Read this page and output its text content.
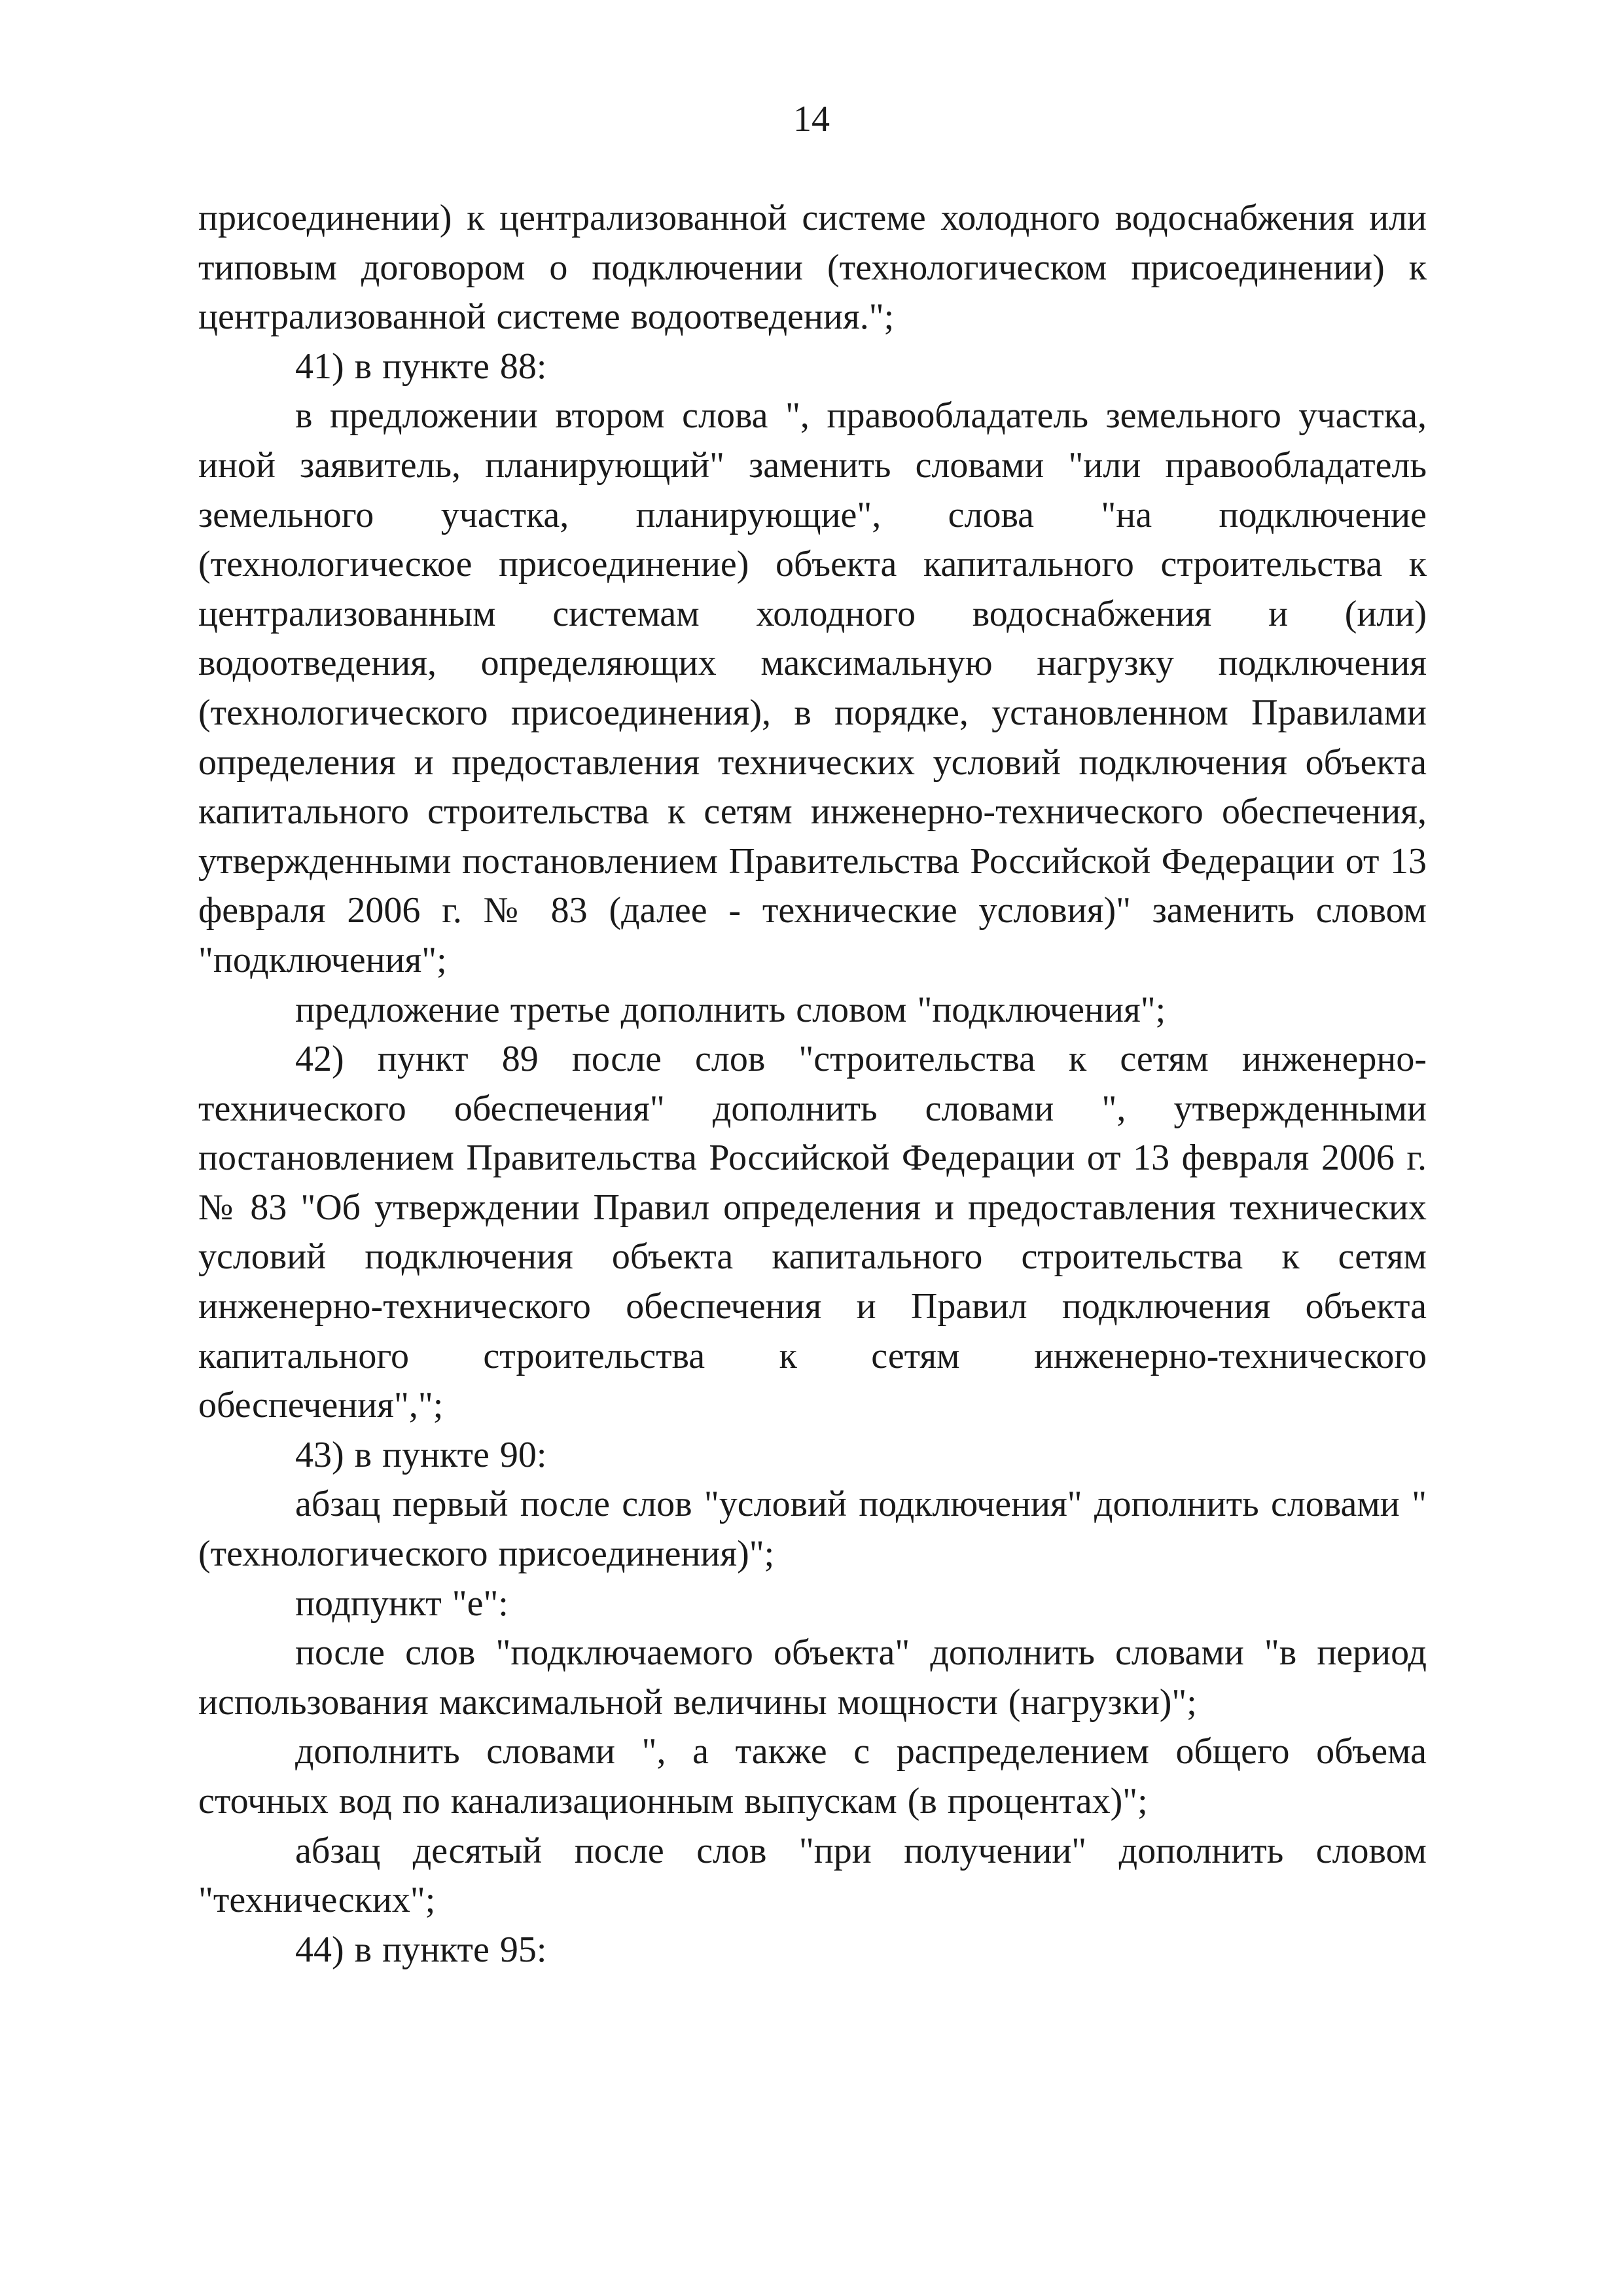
14

присоединении) к централизованной системе холодного водоснабжения или типовым договором о подключении (технологическом присоединении) к централизованной системе водоотведения.";

41) в пункте 88:

в предложении втором слова ", правообладатель земельного участка, иной заявитель, планирующий" заменить словами "или правообладатель земельного участка, планирующие", слова "на подключение (технологическое присоединение) объекта капитального строительства к централизованным системам холодного водоснабжения и (или) водоотведения, определяющих максимальную нагрузку подключения (технологического присоединения), в порядке, установленном Правилами определения и предоставления технических условий подключения объекта капитального строительства к сетям инженерно-технического обеспечения, утвержденными постановлением Правительства Российской Федерации от 13 февраля 2006 г. № 83 (далее - технические условия)" заменить словом "подключения";

предложение третье дополнить словом "подключения";

42) пункт 89 после слов "строительства к сетям инженерно-технического обеспечения" дополнить словами ", утвержденными постановлением Правительства Российской Федерации от 13 февраля 2006 г. № 83 "Об утверждении Правил определения и предоставления технических условий подключения объекта капитального строительства к сетям инженерно-технического обеспечения и Правил подключения объекта капитального строительства к сетям инженерно-технического обеспечения",";

43) в пункте 90:

абзац первый после слов "условий подключения" дополнить словами "(технологического присоединения)";

подпункт "е":

после слов "подключаемого объекта" дополнить словами "в период использования максимальной величины мощности (нагрузки)";

дополнить словами ", а также с распределением общего объема сточных вод по канализационным выпускам (в процентах)";

абзац десятый после слов "при получении" дополнить словом "технических";

44) в пункте 95:
